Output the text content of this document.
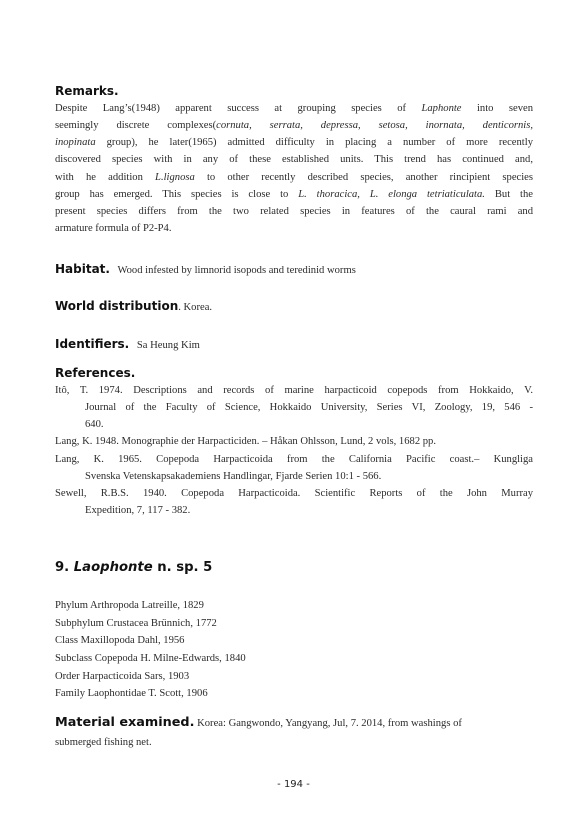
Remarks.
Despite Lang’s(1948) apparent success at grouping species of Laphonte into seven
seemingly discrete complexes(cornuta, serrata, depressa, setosa, inornata, denticornis,
inopinata group), he later(1965) admitted difficulty in placing a number of more recently
discovered species with in any of these established units. This trend has continued and,
with he addition L.lignosa to other recently described species, another rincipient species
group has emerged. This species is close to L. thoracica, L. elonga tetriaticulata. But the
present species differs from the two related species in features of the caural rami and
armature formula of P2-P4.
Habitat. Wood infested by limnorid isopods and teredinid worms
World distribution. Korea.
Identifiers. Sa Heung Kim
References.
Itô, T. 1974. Descriptions and records of marine harpacticoid copepods from Hokkaido, V.
Journal of the Faculty of Science, Hokkaido University, Series VI, Zoology, 19, 546 -
640.
Lang, K. 1948. Monographie der Harpacticiden. – Håkan Ohlsson, Lund, 2 vols, 1682 pp.
Lang, K. 1965. Copepoda Harpacticoida from the California Pacific coast.– Kungliga
Svenska Vetenskapsakademiens Handlingar, Fjarde Serien 10:1 - 566.
Sewell, R.B.S. 1940. Copepoda Harpacticoida. Scientific Reports of the John Murray
Expedition, 7, 117 - 382.
9. Laophonte n. sp. 5
Phylum Arthropoda Latreille, 1829
Subphylum Crustacea Brünnich, 1772
Class Maxillopoda Dahl, 1956
Subclass Copepoda H. Milne-Edwards, 1840
Order Harpacticoida Sars, 1903
Family Laophontidae T. Scott, 1906
Material examined. Korea: Gangwondo, Yangyang, Jul, 7. 2014, from washings of
submerged fishing net.
- 194 -
